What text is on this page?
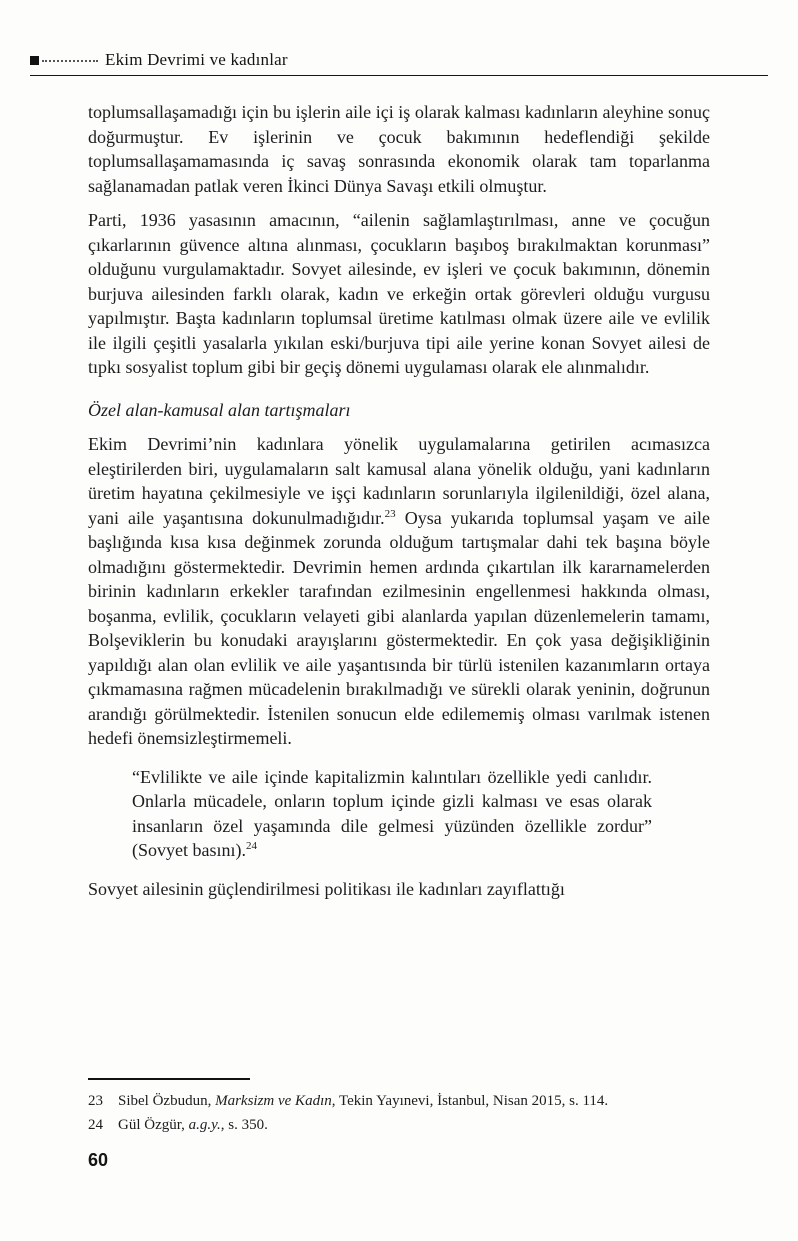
Ekim Devrimi ve kadınlar

toplumsallaşamadığı için bu işlerin aile içi iş olarak kalması kadınların aleyhine sonuç doğurmuştur. Ev işlerinin ve çocuk bakımının hedeflendiği şekilde toplumsallaşamamasında iç savaş sonrasında ekonomik olarak tam toparlanma sağlanamadan patlak veren İkinci Dünya Savaşı etkili olmuştur.

Parti, 1936 yasasının amacının, “ailenin sağlamlaştırılması, anne ve çocuğun çıkarlarının güvence altına alınması, çocukların başıboş bırakılmaktan korunması” olduğunu vurgulamaktadır. Sovyet ailesinde, ev işleri ve çocuk bakımının, dönemin burjuva ailesinden farklı olarak, kadın ve erkeğin ortak görevleri olduğu vurgusu yapılmıştır. Başta kadınların toplumsal üretime katılması olmak üzere aile ve evlilik ile ilgili çeşitli yasalarla yıkılan eski/burjuva tipi aile yerine konan Sovyet ailesi de tıpkı sosyalist toplum gibi bir geçiş dönemi uygulaması olarak ele alınmalıdır.

Özel alan-kamusal alan tartışmaları

Ekim Devrimi’nin kadınlara yönelik uygulamalarına getirilen acımasızca eleştirilerden biri, uygulamaların salt kamusal alana yönelik olduğu, yani kadınların üretim hayatına çekilmesiyle ve işçi kadınların sorunlarıyla ilgilenildiği, özel alana, yani aile yaşantısına dokunulmadığıdır.$^{23}$ Oysa yukarıda toplumsal yaşam ve aile başlığında kısa kısa değinmek zorunda olduğum tartışmalar dahi tek başına böyle olmadığını göstermektedir. Devrimin hemen ardında çıkartılan ilk kararnamelerden birinin kadınların erkekler tarafından ezilmesinin engellenmesi hakkında olması, boşanma, evlilik, çocukların velayeti gibi alanlarda yapılan düzenlemelerin tamamı, Bolşeviklerin bu konudaki arayışlarını göstermektedir. En çok yasa değişikliğinin yapıldığı alan olan evlilik ve aile yaşantısında bir türlü istenilen kazanımların ortaya çıkmamasına rağmen mücadelenin bırakılmadığı ve sürekli olarak yeninin, doğrunun arandığı görülmektedir. İstenilen sonucun elde edilememiş olması varılmak istenen hedefi önemsizleştirmemeli.

“Evlilikte ve aile içinde kapitalizmin kalıntıları özellikle yedi canlıdır. Onlarla mücadele, onların toplum içinde gizli kalması ve esas olarak insanların özel yaşamında dile gelmesi yüzünden özellikle zordur” (Sovyet basını).$^{24}$

Sovyet ailesinin güçlendirilmesi politikası ile kadınları zayıflattığı

23	Sibel Özbudun, Marksizm ve Kadın, Tekin Yayınevi, İstanbul, Nisan 2015, s. 114.
24	Gül Özgür, a.g.y., s. 350.
60
